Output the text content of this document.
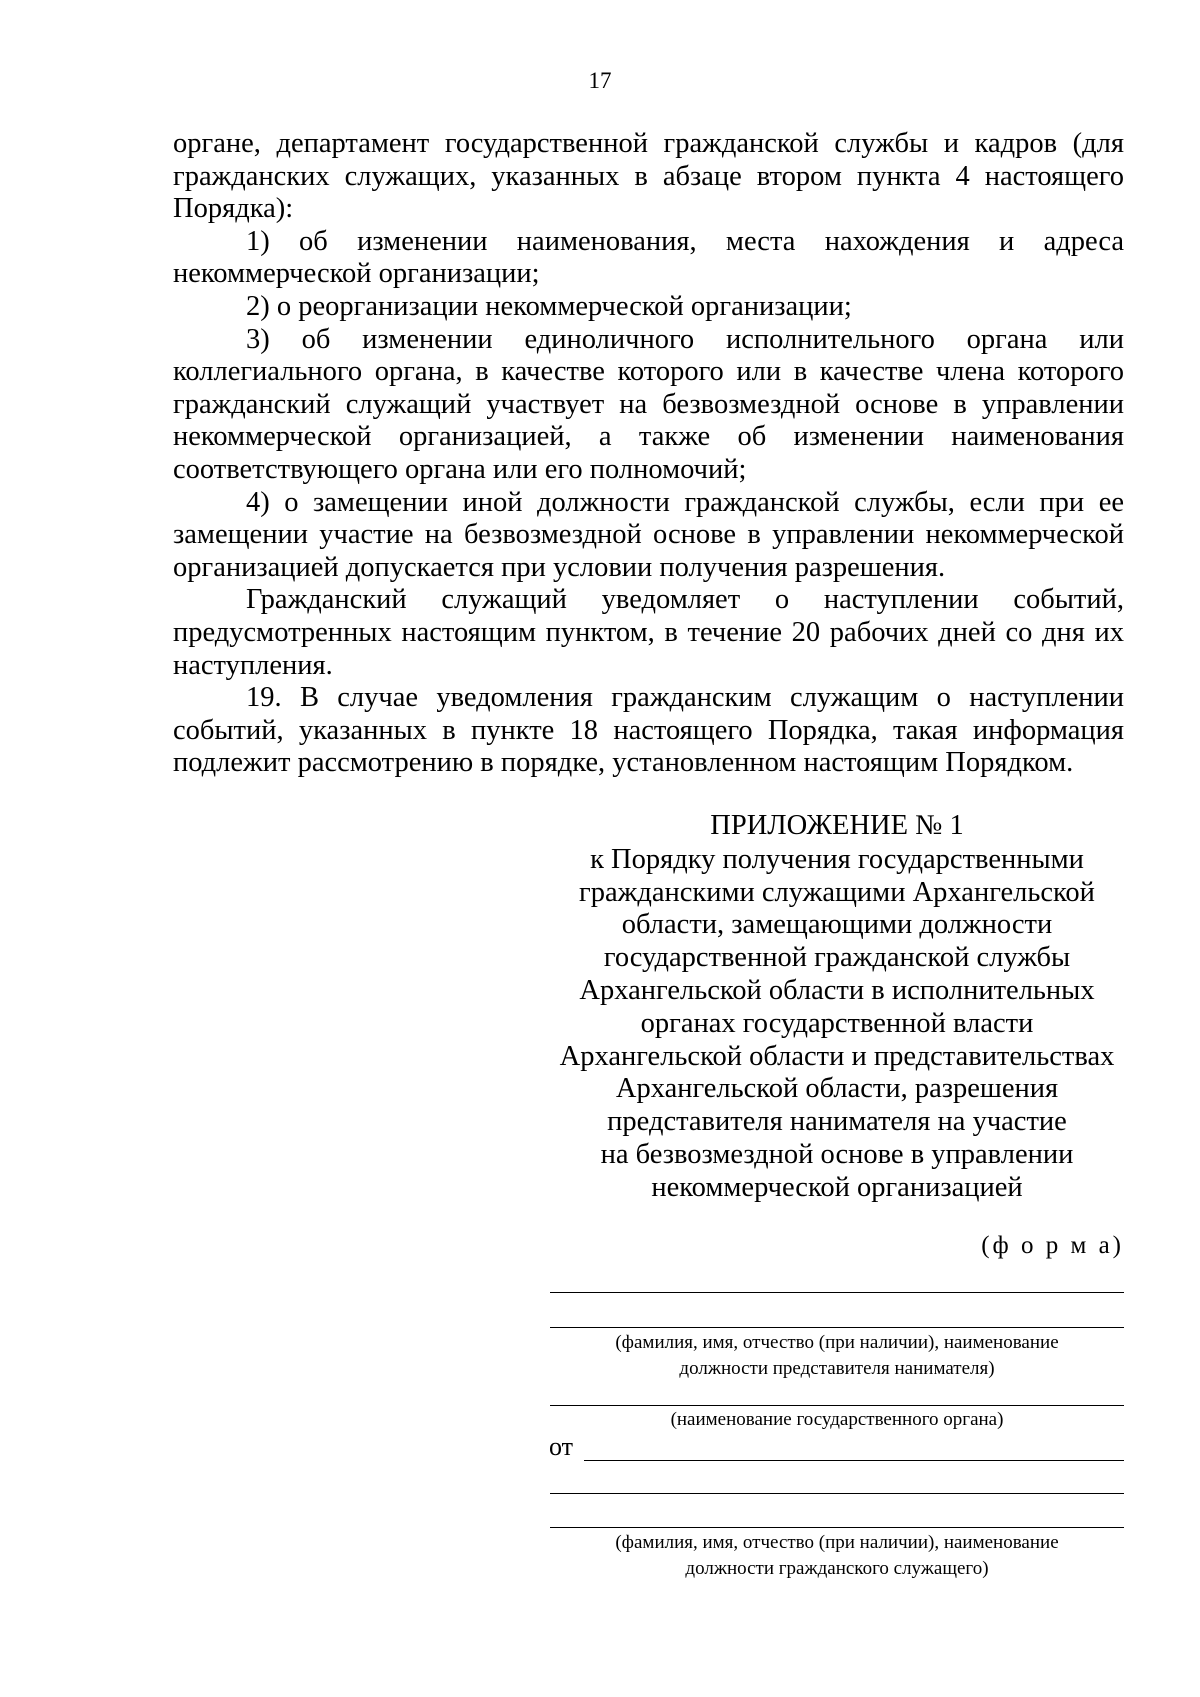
17

органе, департамент государственной гражданской службы и кадров (для гражданских служащих, указанных в абзаце втором пункта 4 настоящего Порядка):

1) об изменении наименования, места нахождения и адреса некоммерческой организации;

2) о реорганизации некоммерческой организации;

3) об изменении единоличного исполнительного органа или коллегиального органа, в качестве которого или в качестве члена которого гражданский служащий участвует на безвозмездной основе в управлении некоммерческой организацией, а также об изменении наименования соответствующего органа или его полномочий;

4) о замещении иной должности гражданской службы, если при ее замещении участие на безвозмездной основе в управлении некоммерческой организацией допускается при условии получения разрешения.

Гражданский служащий уведомляет о наступлении событий, предусмотренных настоящим пунктом, в течение 20 рабочих дней со дня их наступления.

19. В случае уведомления гражданским служащим о наступлении событий, указанных в пункте 18 настоящего Порядка, такая информация подлежит рассмотрению в порядке, установленном настоящим Порядком.

ПРИЛОЖЕНИЕ № 1
к Порядку получения государственными
гражданскими служащими Архангельской
области, замещающими должности
государственной гражданской службы
Архангельской области в исполнительных
органах государственной власти
Архангельской области и представительствах
Архангельской области, разрешения
представителя нанимателя на участие
на безвозмездной основе в управлении
некоммерческой организацией
(ф о р м а)
(фамилия, имя, отчество (при наличии), наименование
должности представителя нанимателя)
(наименование государственного органа)
от
(фамилия, имя, отчество (при наличии), наименование
должности гражданского служащего)
